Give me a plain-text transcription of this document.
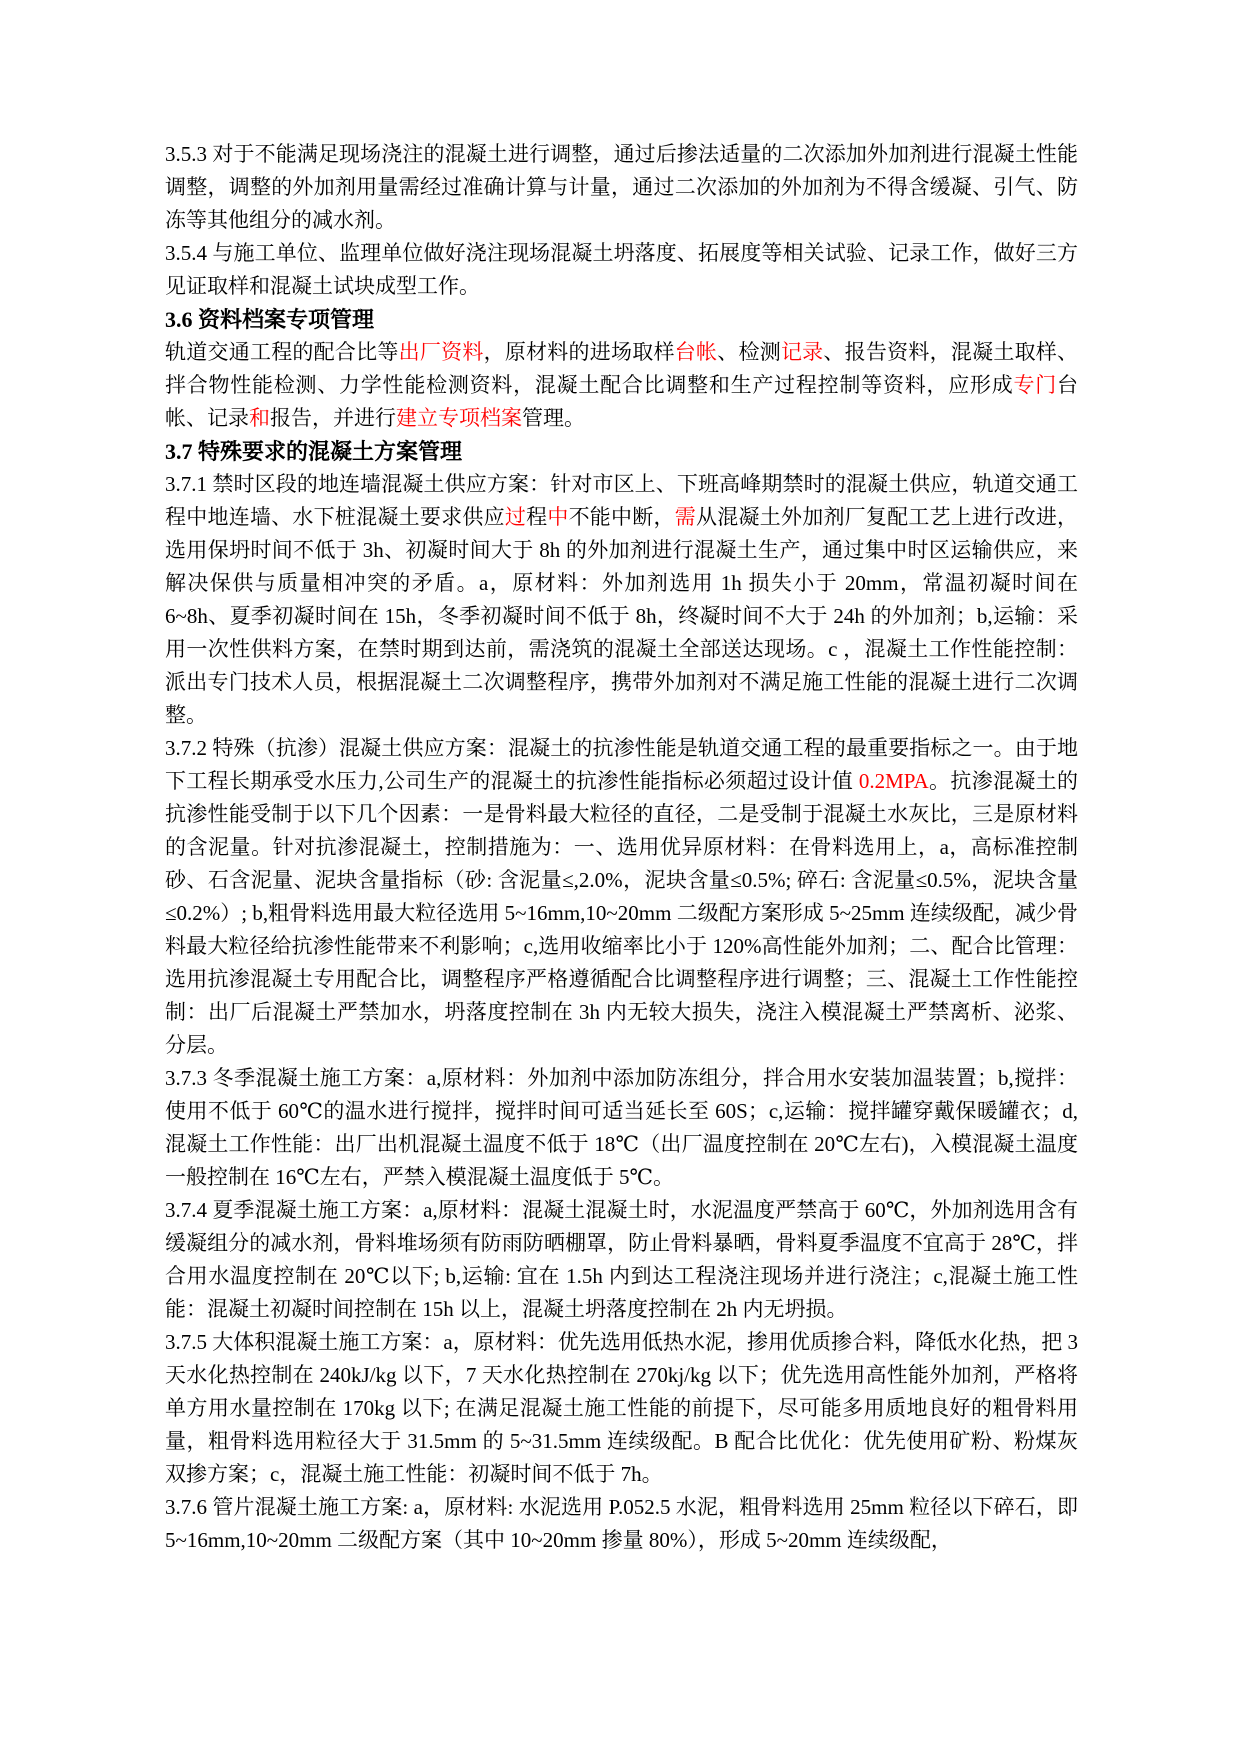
3.5.3 对于不能满足现场浇注的混凝土进行调整，通过后掺法适量的二次添加外加剂进行混凝土性能调整，调整的外加剂用量需经过准确计算与计量，通过二次添加的外加剂为不得含缓凝、引气、防冻等其他组分的减水剂。

3.5.4 与施工单位、监理单位做好浇注现场混凝土坍落度、拓展度等相关试验、记录工作，做好三方见证取样和混凝土试块成型工作。

3.6 资料档案专项管理

轨道交通工程的配合比等出厂资料，原材料的进场取样台帐、检测记录、报告资料，混凝土取样、拌合物性能检测、力学性能检测资料，混凝土配合比调整和生产过程控制等资料，应形成专门台帐、记录和报告，并进行建立专项档案管理。

3.7 特殊要求的混凝土方案管理

3.7.1 禁时区段的地连墙混凝土供应方案：针对市区上、下班高峰期禁时的混凝土供应，轨道交通工程中地连墙、水下桩混凝土要求供应过程中不能中断，需从混凝土外加剂厂复配工艺上进行改进，选用保坍时间不低于 3h、初凝时间大于 8h 的外加剂进行混凝土生产，通过集中时区运输供应，来解决保供与质量相冲突的矛盾。a，原材料：外加剂选用 1h 损失小于 20mm，常温初凝时间在 6~8h、夏季初凝时间在 15h，冬季初凝时间不低于 8h，终凝时间不大于 24h 的外加剂；b,运输：采用一次性供料方案，在禁时期到达前，需浇筑的混凝土全部送达现场。c ，混凝土工作性能控制：派出专门技术人员，根据混凝土二次调整程序，携带外加剂对不满足施工性能的混凝土进行二次调整。

3.7.2 特殊（抗渗）混凝土供应方案：混凝土的抗渗性能是轨道交通工程的最重要指标之一。由于地下工程长期承受水压力,公司生产的混凝土的抗渗性能指标必须超过设计值 0.2MPA。抗渗混凝土的抗渗性能受制于以下几个因素：一是骨料最大粒径的直径，二是受制于混凝土水灰比，三是原材料的含泥量。针对抗渗混凝土，控制措施为：一、选用优异原材料：在骨料选用上，a，高标准控制砂、石含泥量、泥块含量指标（砂: 含泥量≤,2.0%，泥块含量≤0.5%; 碎石: 含泥量≤0.5%，泥块含量≤0.2%）; b,粗骨料选用最大粒径选用 5~16mm,10~20mm 二级配方案形成 5~25mm 连续级配，减少骨料最大粒径给抗渗性能带来不利影响；c,选用收缩率比小于 120%高性能外加剂；二、配合比管理：选用抗渗混凝土专用配合比，调整程序严格遵循配合比调整程序进行调整；三、混凝土工作性能控制：出厂后混凝土严禁加水，坍落度控制在 3h 内无较大损失，浇注入模混凝土严禁离析、泌浆、分层。

3.7.3 冬季混凝土施工方案：a,原材料：外加剂中添加防冻组分，拌合用水安装加温装置；b,搅拌：使用不低于 60℃的温水进行搅拌，搅拌时间可适当延长至 60S；c,运输：搅拌罐穿戴保暖罐衣；d,混凝土工作性能：出厂出机混凝土温度不低于 18℃（出厂温度控制在 20℃左右)，入模混凝土温度一般控制在 16℃左右，严禁入模混凝土温度低于 5℃。

3.7.4 夏季混凝土施工方案：a,原材料：混凝土混凝土时，水泥温度严禁高于 60℃，外加剂选用含有缓凝组分的减水剂，骨料堆场须有防雨防晒棚罩，防止骨料暴晒，骨料夏季温度不宜高于 28℃，拌合用水温度控制在 20℃以下; b,运输: 宜在 1.5h 内到达工程浇注现场并进行浇注；c,混凝土施工性能：混凝土初凝时间控制在 15h 以上，混凝土坍落度控制在 2h 内无坍损。

3.7.5 大体积混凝土施工方案：a，原材料：优先选用低热水泥，掺用优质掺合料，降低水化热，把 3 天水化热控制在 240kJ/kg 以下，7 天水化热控制在 270kj/kg 以下；优先选用高性能外加剂，严格将单方用水量控制在 170kg 以下; 在满足混凝土施工性能的前提下，尽可能多用质地良好的粗骨料用量，粗骨料选用粒径大于 31.5mm 的 5~31.5mm 连续级配。B 配合比优化：优先使用矿粉、粉煤灰双掺方案；c，混凝土施工性能：初凝时间不低于 7h。

3.7.6 管片混凝土施工方案: a，原材料: 水泥选用 P.052.5 水泥，粗骨料选用 25mm 粒径以下碎石，即 5~16mm,10~20mm 二级配方案（其中 10~20mm 掺量 80%），形成 5~20mm 连续级配，
